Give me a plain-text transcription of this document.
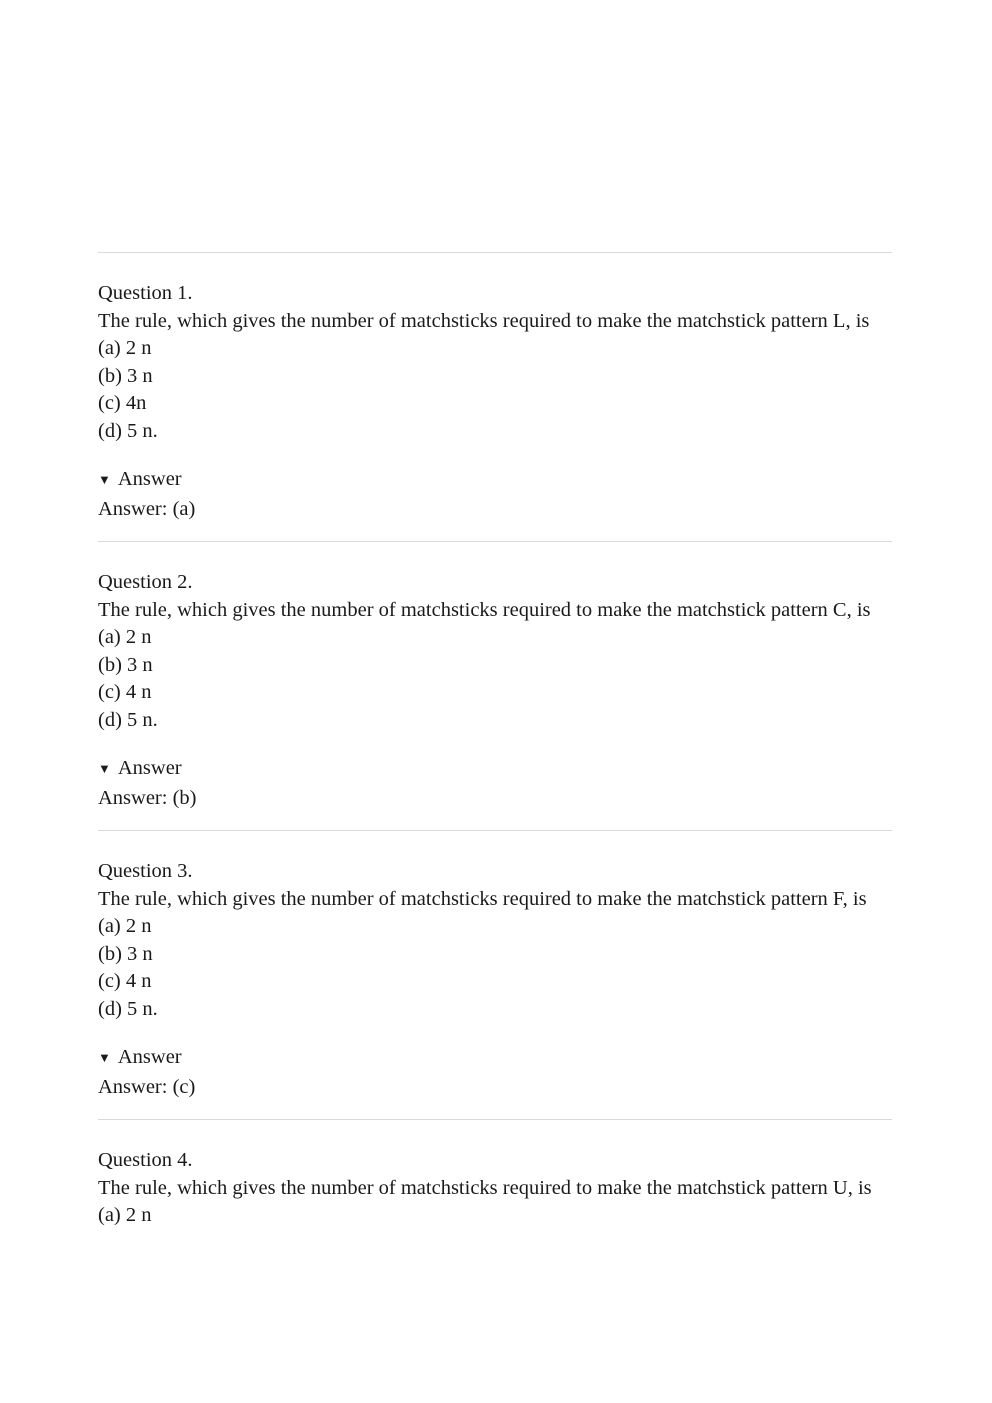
Question 1.

The rule, which gives the number of matchsticks required to make the matchstick pattern L, is

(a) 2 n

(b) 3 n

(c) 4n

(d) 5 n.

▼ Answer

Answer: (a)

Question 2.

The rule, which gives the number of matchsticks required to make the matchstick pattern C, is

(a) 2 n

(b) 3 n

(c) 4 n

(d) 5 n.

▼ Answer

Answer: (b)

Question 3.

The rule, which gives the number of matchsticks required to make the matchstick pattern F, is

(a) 2 n

(b) 3 n

(c) 4 n

(d) 5 n.

▼ Answer

Answer: (c)

Question 4.

The rule, which gives the number of matchsticks required to make the matchstick pattern U, is

(a) 2 n
